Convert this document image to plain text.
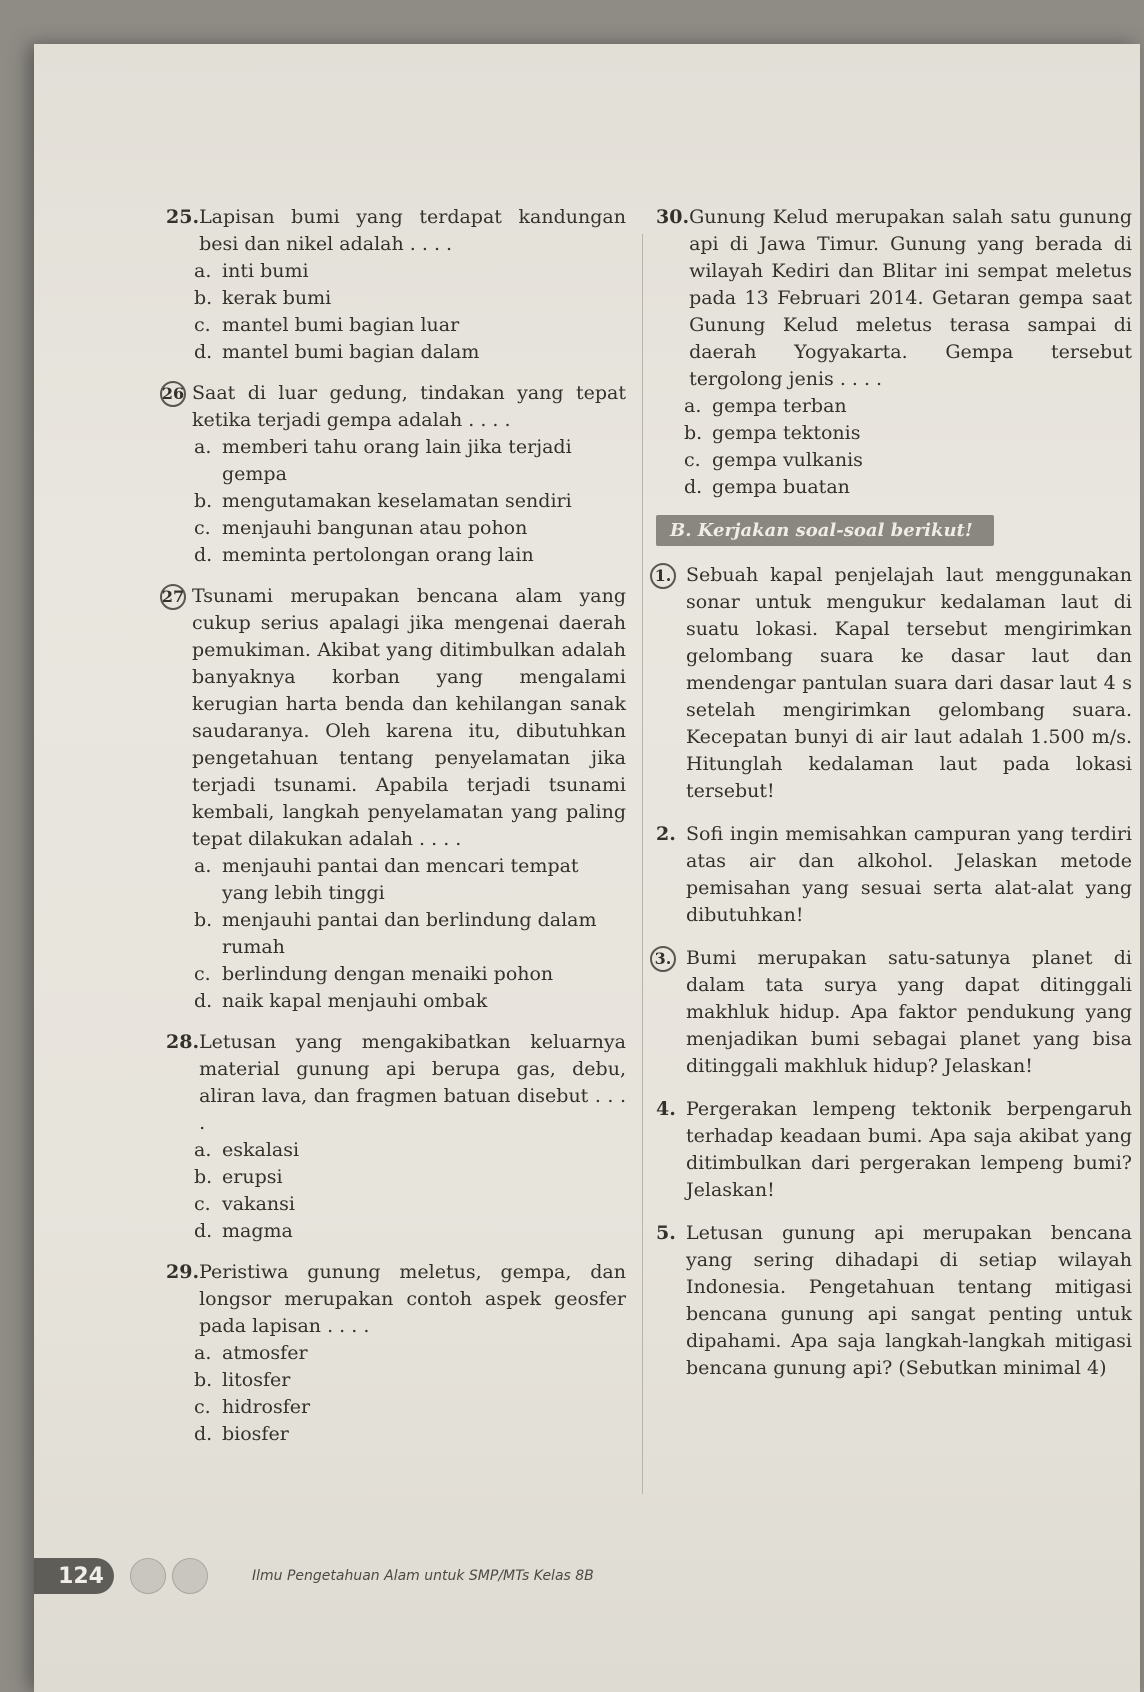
25. Lapisan bumi yang terdapat kandungan besi dan nikel adalah . . . .
a. inti bumi
b. kerak bumi
c. mantel bumi bagian luar
d. mantel bumi bagian dalam
26 Saat di luar gedung, tindakan yang tepat ketika terjadi gempa adalah . . . .
a. memberi tahu orang lain jika terjadi gempa
b. mengutamakan keselamatan sendiri
c. menjauhi bangunan atau pohon
d. meminta pertolongan orang lain
27 Tsunami merupakan bencana alam yang cukup serius apalagi jika mengenai daerah pemukiman. Akibat yang ditimbulkan adalah banyaknya korban yang mengalami kerugian harta benda dan kehilangan sanak saudaranya. Oleh karena itu, dibutuhkan pengetahuan tentang penyelamatan jika terjadi tsunami. Apabila terjadi tsunami kembali, langkah penyelamatan yang paling tepat dilakukan adalah . . . .
a. menjauhi pantai dan mencari tempat yang lebih tinggi
b. menjauhi pantai dan berlindung dalam rumah
c. berlindung dengan menaiki pohon
d. naik kapal menjauhi ombak
28. Letusan yang mengakibatkan keluarnya material gunung api berupa gas, debu, aliran lava, dan fragmen batuan disebut . . . .
a. eskalasi
b. erupsi
c. vakansi
d. magma
29. Peristiwa gunung meletus, gempa, dan longsor merupakan contoh aspek geosfer pada lapisan . . . .
a. atmosfer
b. litosfer
c. hidrosfer
d. biosfer
30. Gunung Kelud merupakan salah satu gunung api di Jawa Timur. Gunung yang berada di wilayah Kediri dan Blitar ini sempat meletus pada 13 Februari 2014. Getaran gempa saat Gunung Kelud meletus terasa sampai di daerah Yogyakarta. Gempa tersebut tergolong jenis . . . .
a. gempa terban
b. gempa tektonis
c. gempa vulkanis
d. gempa buatan
B. Kerjakan soal-soal berikut!
1. Sebuah kapal penjelajah laut menggunakan sonar untuk mengukur kedalaman laut di suatu lokasi. Kapal tersebut mengirimkan gelombang suara ke dasar laut dan mendengar pantulan suara dari dasar laut 4 s setelah mengirimkan gelombang suara. Kecepatan bunyi di air laut adalah 1.500 m/s. Hitunglah kedalaman laut pada lokasi tersebut!
2. Sofi ingin memisahkan campuran yang terdiri atas air dan alkohol. Jelaskan metode pemisahan yang sesuai serta alat-alat yang dibutuhkan!
3. Bumi merupakan satu-satunya planet di dalam tata surya yang dapat ditinggali makhluk hidup. Apa faktor pendukung yang menjadikan bumi sebagai planet yang bisa ditinggali makhluk hidup? Jelaskan!
4. Pergerakan lempeng tektonik berpengaruh terhadap keadaan bumi. Apa saja akibat yang ditimbulkan dari pergerakan lempeng bumi? Jelaskan!
5. Letusan gunung api merupakan bencana yang sering dihadapi di setiap wilayah Indonesia. Pengetahuan tentang mitigasi bencana gunung api sangat penting untuk dipahami. Apa saja langkah-langkah mitigasi bencana gunung api? (Sebutkan minimal 4)
124	Ilmu Pengetahuan Alam untuk SMP/MTs Kelas 8B
